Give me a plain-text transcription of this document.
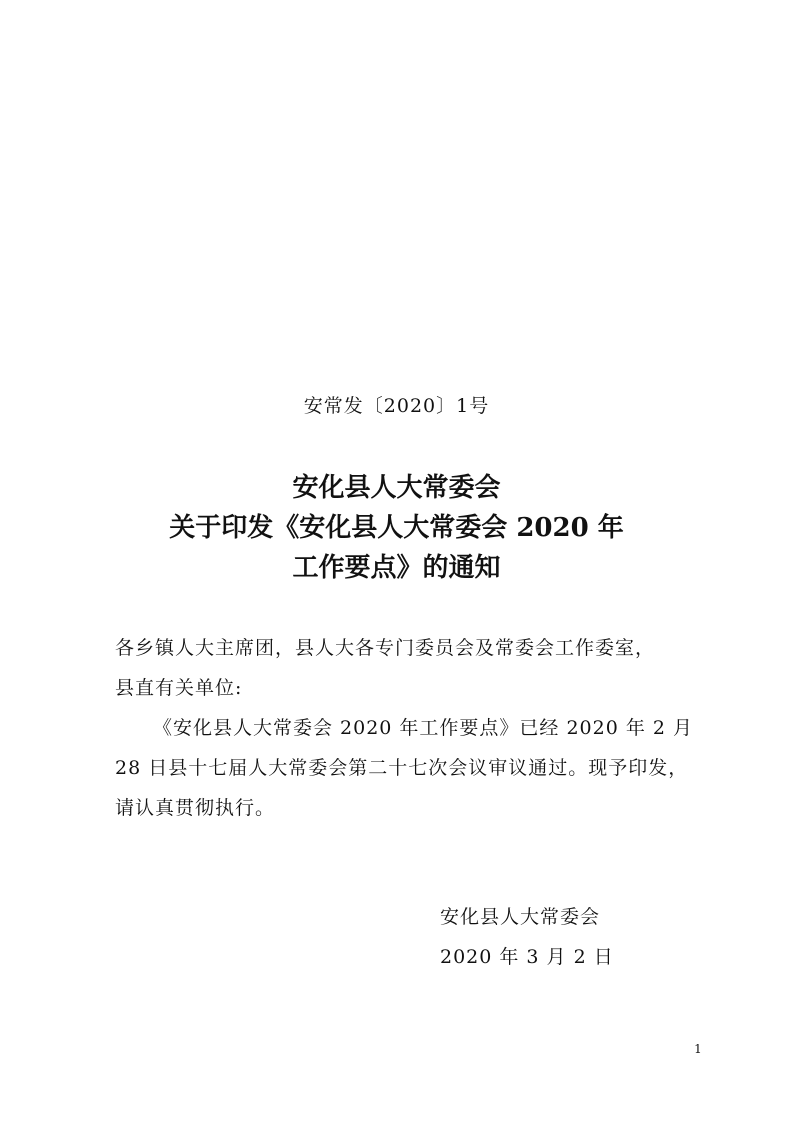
安常发〔2020〕1号
安化县人大常委会
关于印发《安化县人大常委会 2020 年
工作要点》的通知
各乡镇人大主席团，县人大各专门委员会及常委会工作委室，
县直有关单位:
《安化县人大常委会 2020 年工作要点》已经 2020 年 2 月 28 日县十七届人大常委会第二十七次会议审议通过。现予印发，请认真贯彻执行。
安化县人大常委会
2020 年 3 月 2 日
1
